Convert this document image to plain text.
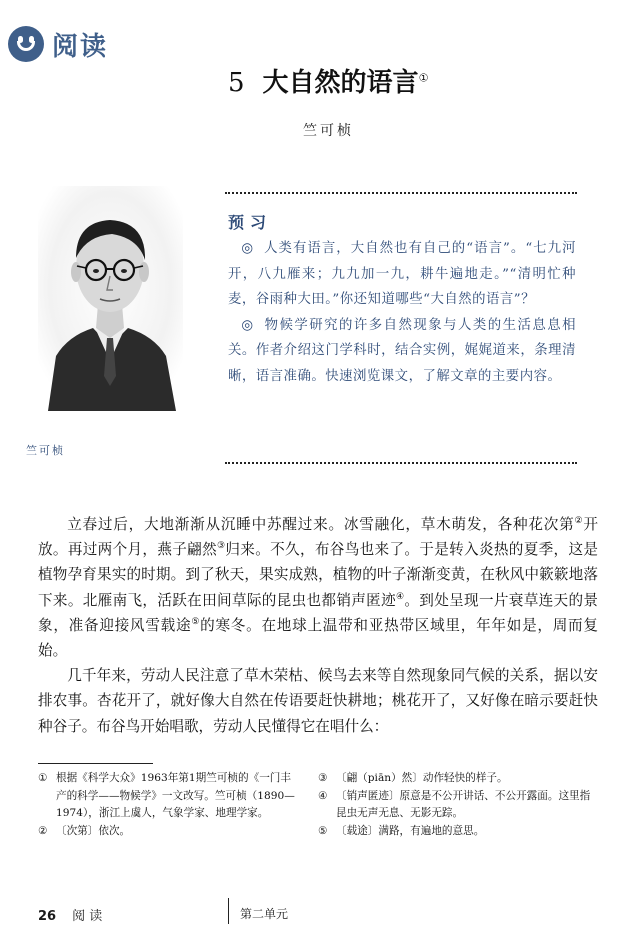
阅读
5 大自然的语言①
竺可桢
竺可桢
预习

◎ 人类有语言，大自然也有自己的“语言”。“七九河开，八九雁来；九九加一九，耕牛遍地走。”“清明忙种麦，谷雨种大田。”你还知道哪些“大自然的语言”？

◎ 物候学研究的许多自然现象与人类的生活息息相关。作者介绍这门学科时，结合实例，娓娓道来，条理清晰，语言准确。快速浏览课文，了解文章的主要内容。

立春过后，大地渐渐从沉睡中苏醒过来。冰雪融化，草木萌发，各种花次第②开放。再过两个月，燕子翩然③归来。不久，布谷鸟也来了。于是转入炎热的夏季，这是植物孕育果实的时期。到了秋天，果实成熟，植物的叶子渐渐变黄，在秋风中簌簌地落下来。北雁南飞，活跃在田间草际的昆虫也都销声匿迹④。到处呈现一片衰草连天的景象，准备迎接风雪载途⑤的寒冬。在地球上温带和亚热带区域里，年年如是，周而复始。

几千年来，劳动人民注意了草木荣枯、候鸟去来等自然现象同气候的关系，据以安排农事。杏花开了，就好像大自然在传语要赶快耕地；桃花开了，又好像在暗示要赶快种谷子。布谷鸟开始唱歌，劳动人民懂得它在唱什么：

① 根据《科学大众》1963年第1期竺可桢的《一门丰产的科学——物候学》一文改写。竺可桢（1890—1974），浙江上虞人，气象学家、地理学家。
② 〔次第〕依次。
③ 〔翩（piān）然〕动作轻快的样子。
④ 〔销声匿迹〕原意是不公开讲话、不公开露面。这里指昆虫无声无息、无影无踪。
⑤ 〔载途〕满路，有遍地的意思。
26 阅 读	第二单元
